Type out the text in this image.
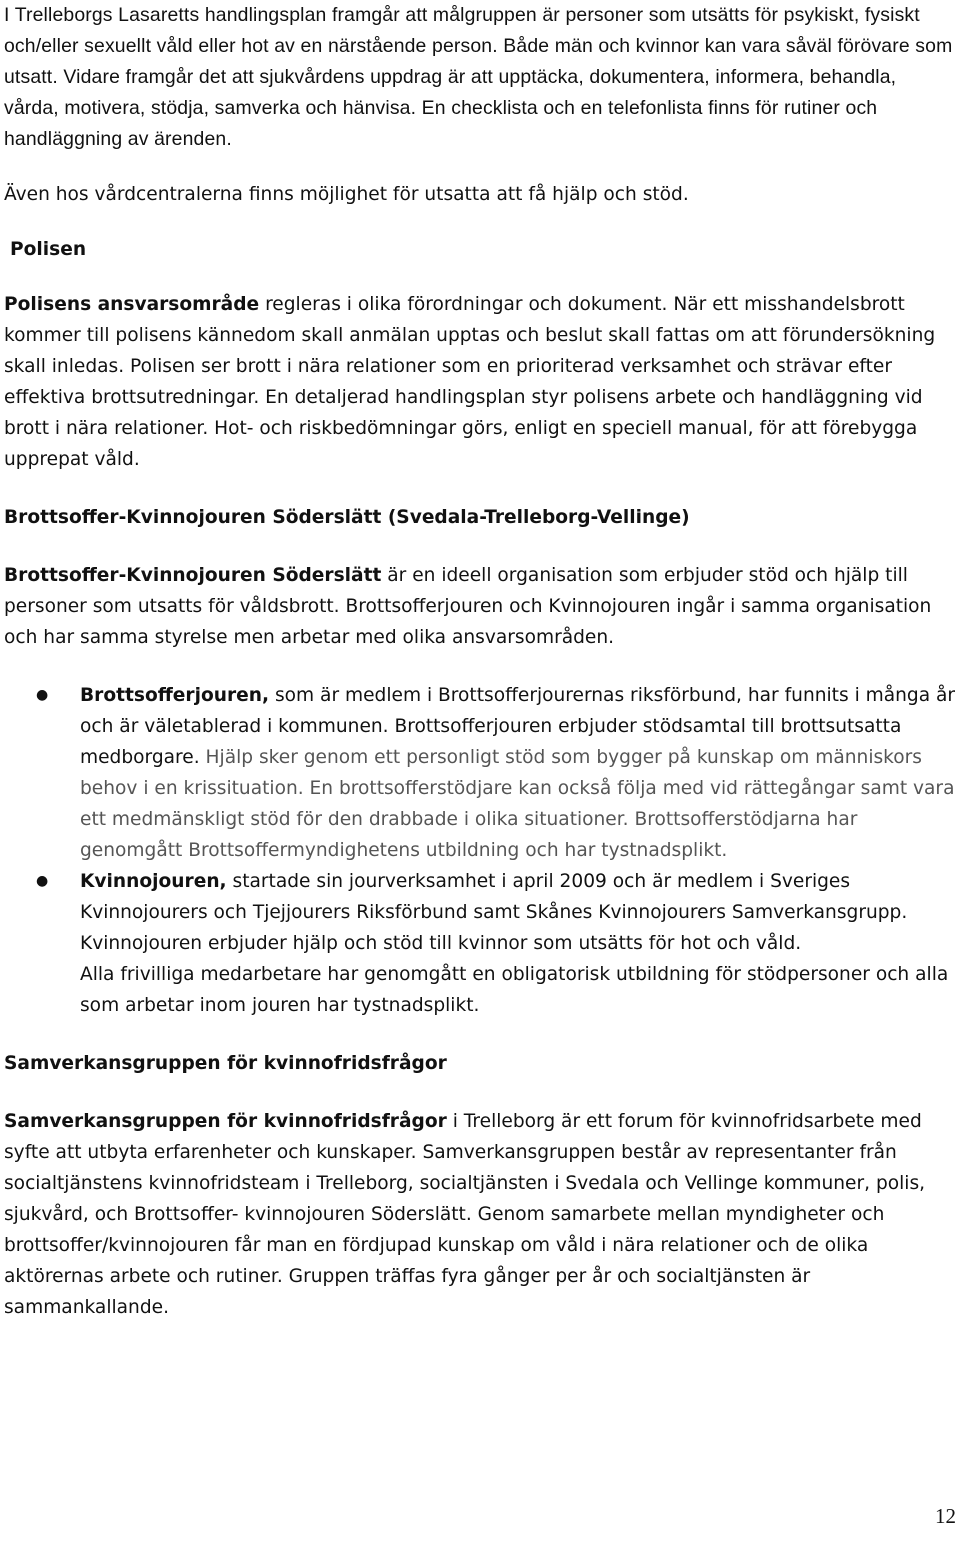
I Trelleborgs Lasaretts handlingsplan framgår att målgruppen är personer som utsätts för psykiskt, fysiskt och/eller sexuellt våld eller hot av en närstående person. Både män och kvinnor kan vara såväl förövare som utsatt. Vidare framgår det att sjukvårdens uppdrag är att upptäcka, dokumentera, informera, behandla, vårda, motivera, stödja, samverka och hänvisa. En checklista och en telefonlista finns för rutiner och handläggning av ärenden.

Även hos vårdcentralerna finns möjlighet för utsatta att få hjälp och stöd.

Polisen

Polisens ansvarsområde regleras i olika förordningar och dokument. När ett misshandelsbrott kommer till polisens kännedom skall anmälan upptas och beslut skall fattas om att förundersökning skall inledas. Polisen ser brott i nära relationer som en prioriterad verksamhet och strävar efter effektiva brottsutredningar. En detaljerad handlingsplan styr polisens arbete och handläggning vid brott i nära relationer. Hot- och riskbedömningar görs, enligt en speciell manual, för att förebygga upprepat våld.

Brottsoffer-Kvinnojouren Söderslätt (Svedala-Trelleborg-Vellinge)

Brottsoffer-Kvinnojouren Söderslätt är en ideell organisation som erbjuder stöd och hjälp till personer som utsatts för våldsbrott. Brottsofferjouren och Kvinnojouren ingår i samma organisation och har samma styrelse men arbetar med olika ansvarsområden.

● Brottsofferjouren, som är medlem i Brottsofferjourernas riksförbund, har funnits i många år och är väletablerad i kommunen. Brottsofferjouren erbjuder stödsamtal till brottsutsatta medborgare. Hjälp sker genom ett personligt stöd som bygger på kunskap om människors behov i en krissituation. En brottsofferstödjare kan också följa med vid rättegångar samt vara ett medmänskligt stöd för den drabbade i olika situationer. Brottsofferstödjarna har genomgått Brottsoffermyndighetens utbildning och har tystnadsplikt.
● Kvinnojouren, startade sin jourverksamhet i april 2009 och är medlem i Sveriges Kvinnojourers och Tjejjourers Riksförbund samt Skånes Kvinnojourers Samverkansgrupp. Kvinnojouren erbjuder hjälp och stöd till kvinnor som utsätts för hot och våld.
Alla frivilliga medarbetare har genomgått en obligatorisk utbildning för stödpersoner och alla som arbetar inom jouren har tystnadsplikt.

Samverkansgruppen för kvinnofridsfrågor

Samverkansgruppen för kvinnofridsfrågor i Trelleborg är ett forum för kvinnofridsarbete med syfte att utbyta erfarenheter och kunskaper. Samverkansgruppen består av representanter från socialtjänstens kvinnofridsteam i Trelleborg, socialtjänsten i Svedala och Vellinge kommuner, polis, sjukvård, och Brottsoffer- kvinnojouren Söderslätt. Genom samarbete mellan myndigheter och brottsoffer/kvinnojouren får man en fördjupad kunskap om våld i nära relationer och de olika aktörernas arbete och rutiner. Gruppen träffas fyra gånger per år och socialtjänsten är sammankallande.

12
